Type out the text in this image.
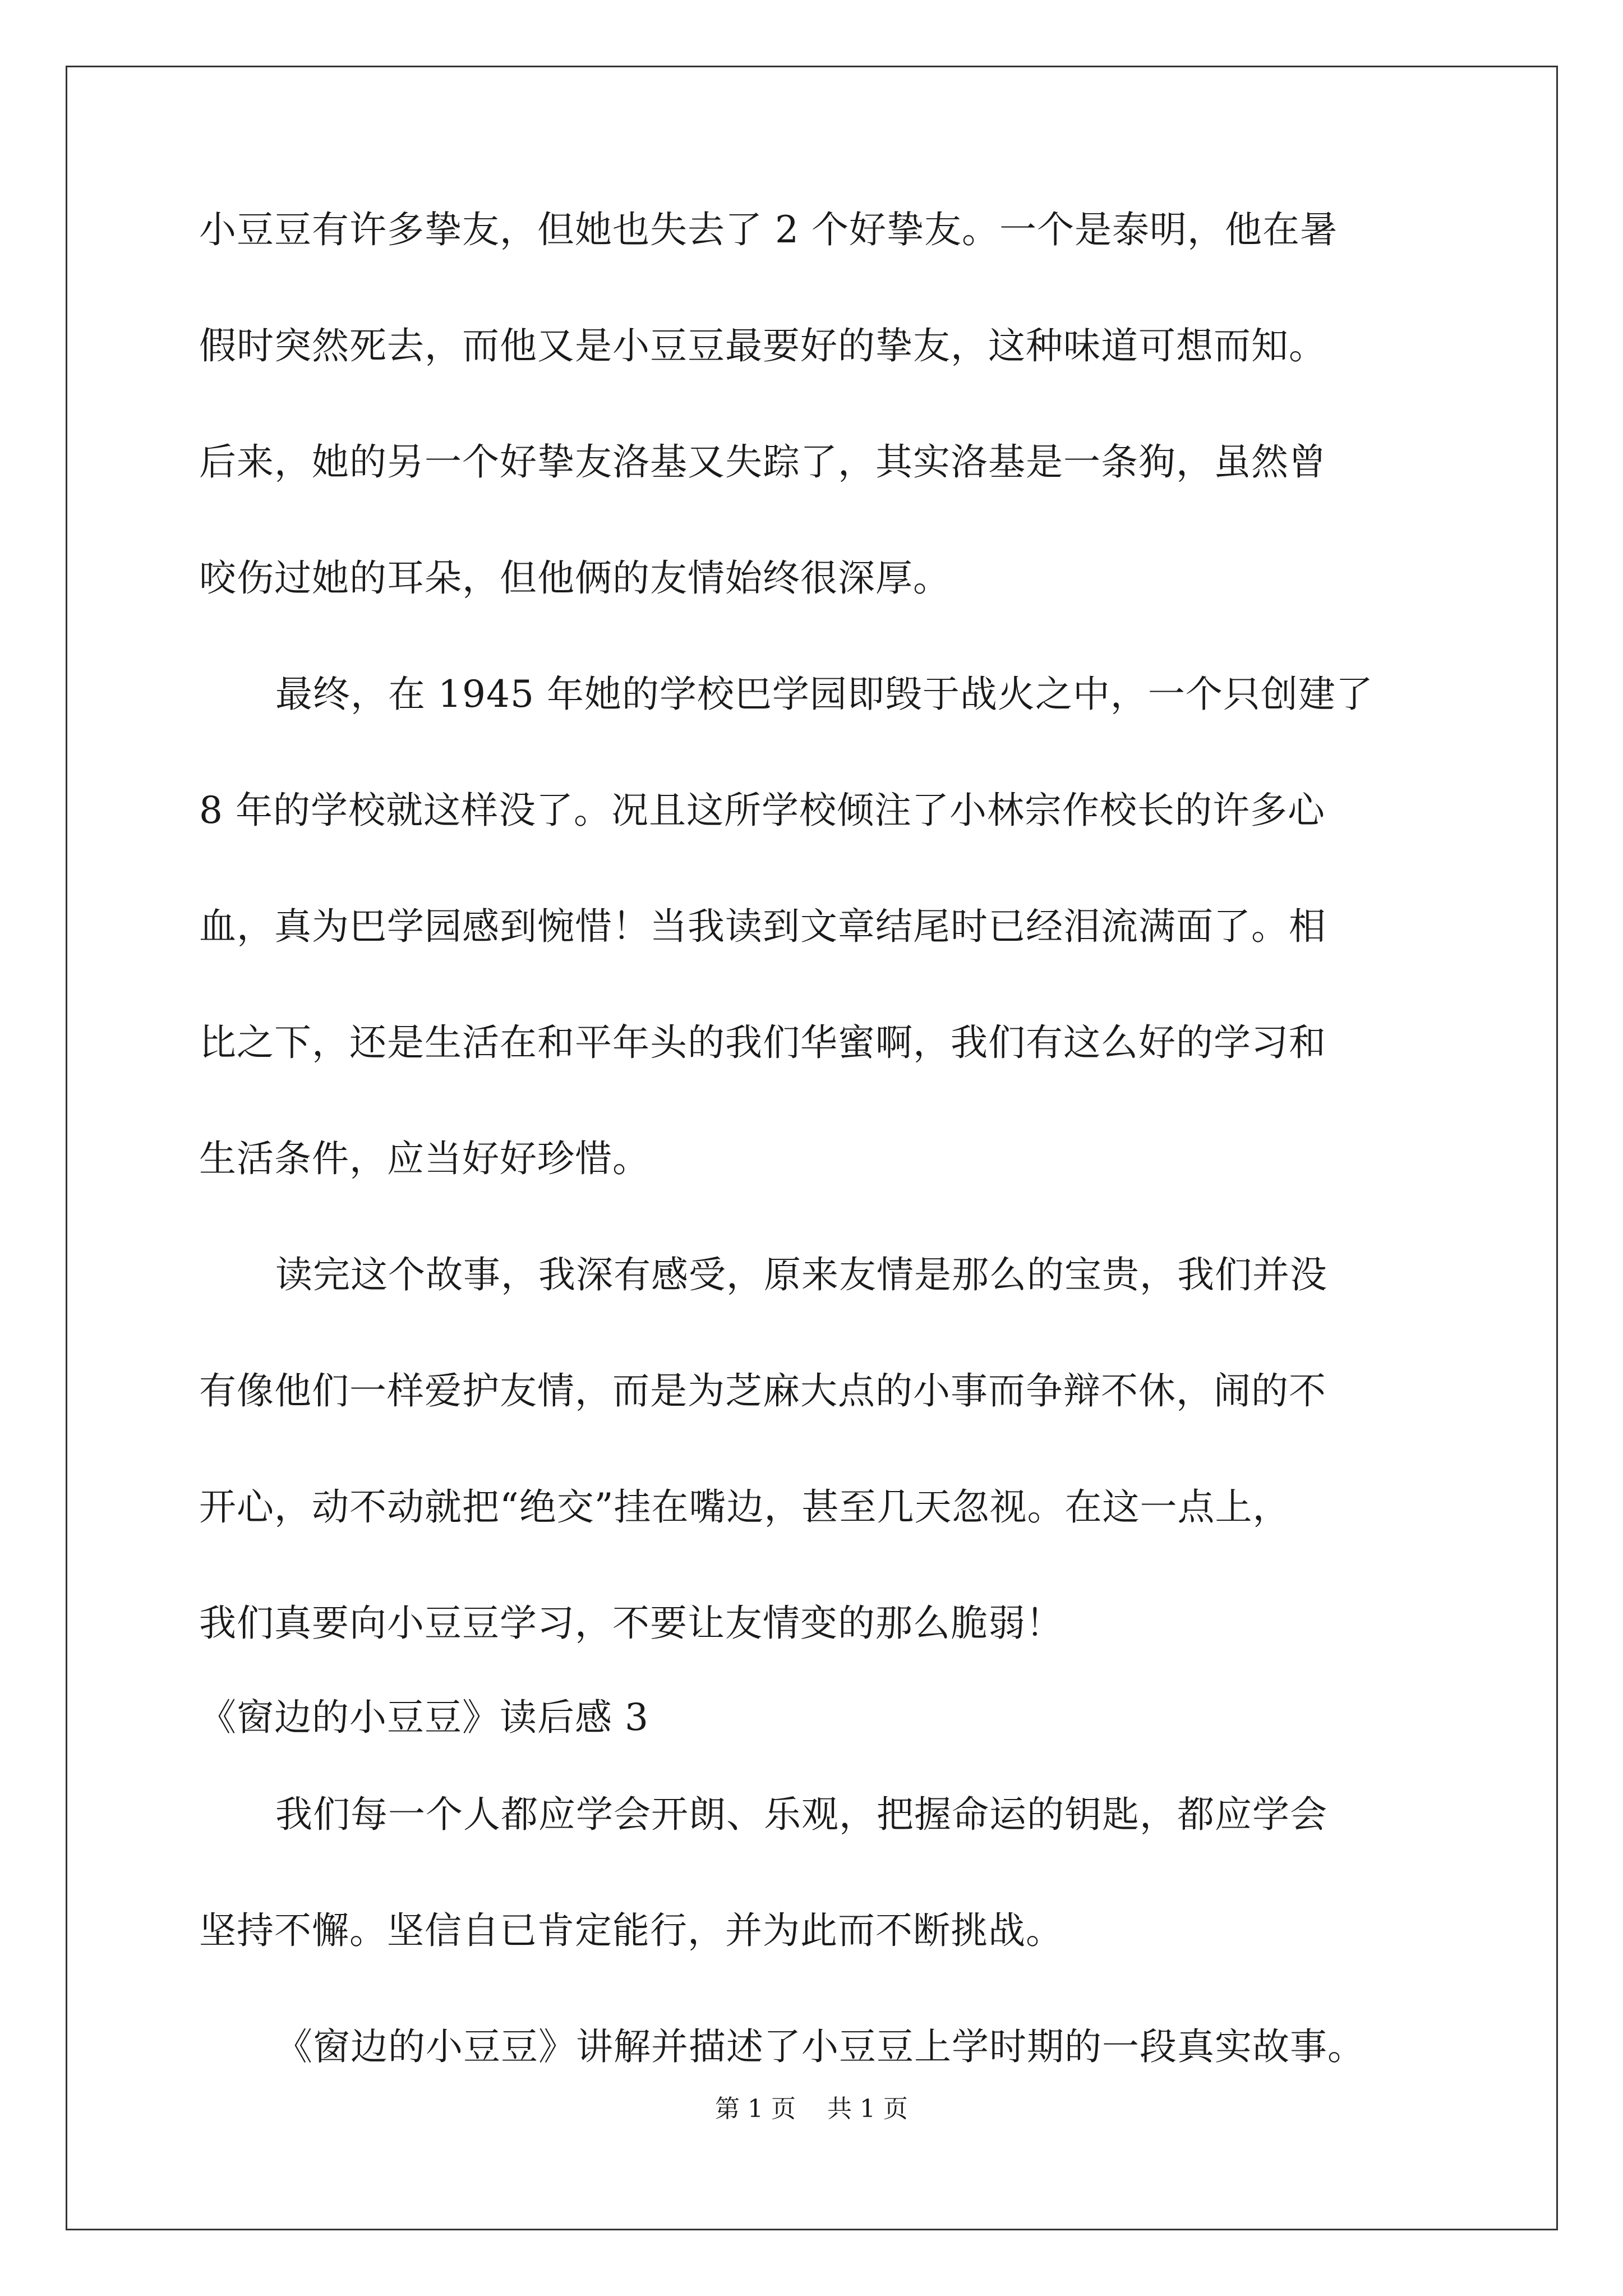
小豆豆有许多挚友，但她也失去了 2 个好挚友。一个是泰明，他在暑
假时突然死去，而他又是小豆豆最要好的挚友，这种味道可想而知。
后来，她的另一个好挚友洛基又失踪了，其实洛基是一条狗，虽然曾
咬伤过她的耳朵，但他俩的友情始终很深厚。
最终，在 1945 年她的学校巴学园即毁于战火之中，一个只创建了
8 年的学校就这样没了。况且这所学校倾注了小林宗作校长的许多心
血，真为巴学园感到惋惜！当我读到文章结尾时已经泪流满面了。相
比之下，还是生活在和平年头的我们华蜜啊，我们有这么好的学习和
生活条件，应当好好珍惜。
读完这个故事，我深有感受，原来友情是那么的宝贵，我们并没
有像他们一样爱护友情，而是为芝麻大点的小事而争辩不休，闹的不
开心，动不动就把“绝交”挂在嘴边，甚至几天忽视。在这一点上，
我们真要向小豆豆学习，不要让友情变的那么脆弱！
《窗边的小豆豆》读后感 3
我们每一个人都应学会开朗、乐观，把握命运的钥匙，都应学会
坚持不懈。坚信自已肯定能行，并为此而不断挑战。
《窗边的小豆豆》讲解并描述了小豆豆上学时期的一段真实故事。
第 1 页    共 1 页
